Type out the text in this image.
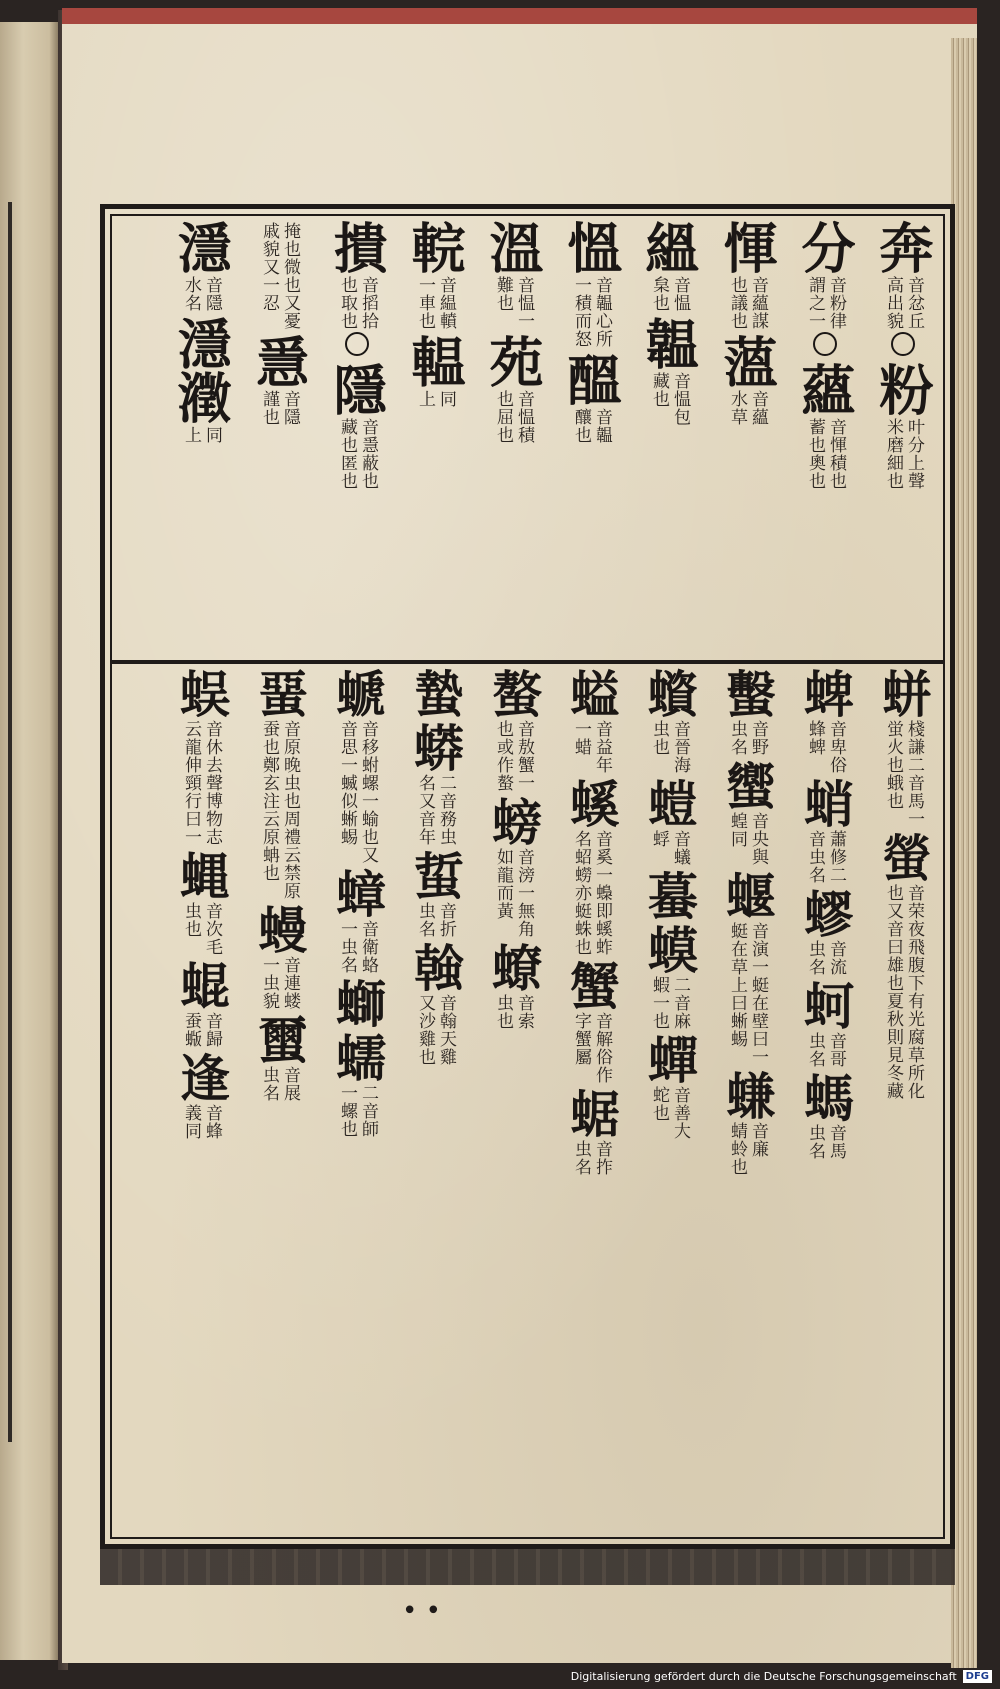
奔
音忿丘
高出貌
粉
叶分上聲
米磨細也
分
音粉律
謂之一
蘊
音惲積也
蓄也奧也
惲
音蘊謀
也議也
薀
音蘊
水草
縕
音愠
枲也
韞
音愠包
藏也
慍
音韞心所
一積而怒
醞
音韞
釀也
溫
音愠一
難也
苑
音愠積
也屈也
輐
音緼轒
一車也
輼
同
上
撌
音搯拾
也取也
隱
音㥯蔽也
藏也匿也
掩也微也又憂
戚貌又一忍
㥯
音隱
謹也
濦
音隱
水名
濦瀓
同
上
蛢
棧謙二音馬一
蛍火也蛾也
螢
音荣夜飛腹下有光腐草所化
也又音曰雄也夏秋則見冬藏
蜱
音卑俗
蜂蜱
蛸
蕭修二
音虫名
蟉
音流
虫名
蚵
音哥
虫名
螞
音馬
虫名
蟿
音野
虫名
蠁
音央與
蝗同
蝘
音演一蜓在壁曰一
蜓在草上曰蜥蜴
螊
音廉
蜻蛉也
蠀
音晉海
虫也
螘
音蟻
蜉
蟇
蟆
二音麻
蝦一也
蟬
音善大
蛇也
螠
音益年
一蜡
螇
音奚一蟂即螇蚱
名蛁蟧亦蜓蛛也
蟹
音解俗作
字蟹屬
蜛
音拃
虫名
螯
音敖蟹一
也或作螯
螃
音滂一無角
如龍而黃
蟟
音索
虫也
蟄
蟒
二音務虫
名又音年
蜇
音折
虫名
螒
音翰天雞
又沙雞也
螔
音移蚹螺一蝓也又
音思一蝛似蜥蜴
蟑
音衛蛒
一虫名
螄
蠕
二音師
一螺也
蝁
音原晚虫也周禮云禁原
蚕也鄭玄注云原蚺也
蟃
音連蝼
一虫貌
蠒
音展
虫名
蜈
音休去聲博物志
云龍伸頸行曰一
蝿
音次毛
虫也
蜫
音歸
蚕蝂
逢
音蜂
義同
• •
Digitalisierung gefördert durch die Deutsche Forschungsgemeinschaft DFG
